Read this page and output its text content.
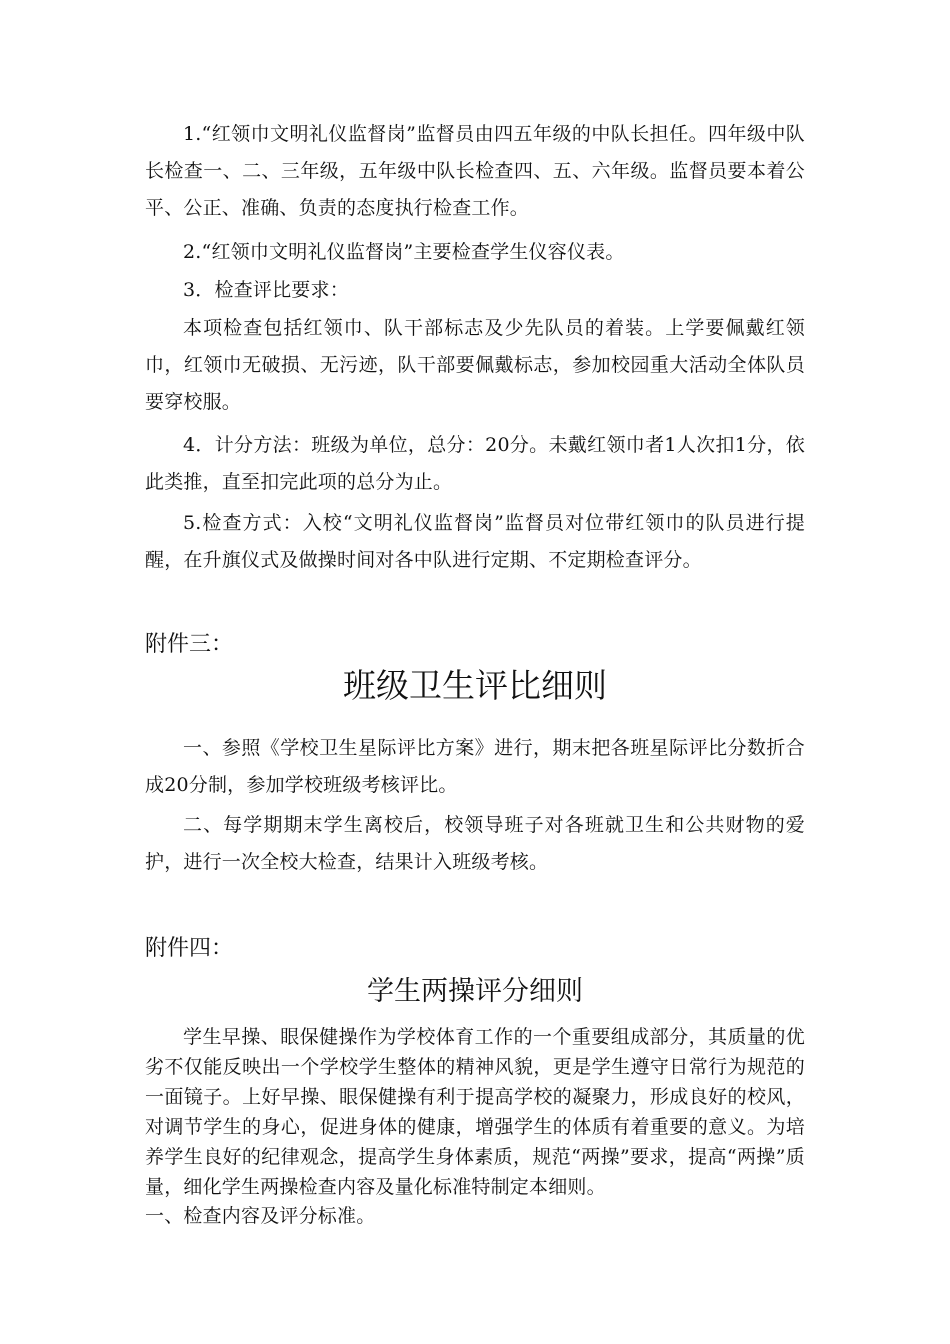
1.“红领巾文明礼仪监督岗”监督员由四五年级的中队长担任。四年级中队长检查一、二、三年级，五年级中队长检查四、五、六年级。监督员要本着公平、公正、准确、负责的态度执行检查工作。

2.“红领巾文明礼仪监督岗”主要检查学生仪容仪表。

3．检查评比要求：

本项检查包括红领巾、队干部标志及少先队员的着装。上学要佩戴红领巾，红领巾无破损、无污迹，队干部要佩戴标志，参加校园重大活动全体队员要穿校服。

4．计分方法：班级为单位，总分：20分。未戴红领巾者1人次扣1分，依此类推，直至扣完此项的总分为止。

5.检查方式：入校“文明礼仪监督岗”监督员对位带红领巾的队员进行提醒，在升旗仪式及做操时间对各中队进行定期、不定期检查评分。

附件三：
班级卫生评比细则

一、参照《学校卫生星际评比方案》进行，期末把各班星际评比分数折合成20分制，参加学校班级考核评比。

二、每学期期末学生离校后，校领导班子对各班就卫生和公共财物的爱护，进行一次全校大检查，结果计入班级考核。

附件四：
学生两操评分细则

学生早操、眼保健操作为学校体育工作的一个重要组成部分，其质量的优劣不仅能反映出一个学校学生整体的精神风貌，更是学生遵守日常行为规范的一面镜子。上好早操、眼保健操有利于提高学校的凝聚力，形成良好的校风，对调节学生的身心，促进身体的健康，增强学生的体质有着重要的意义。为培养学生良好的纪律观念，提高学生身体素质，规范“两操”要求，提高“两操”质量，细化学生两操检查内容及量化标准特制定本细则。

一、检查内容及评分标准。
